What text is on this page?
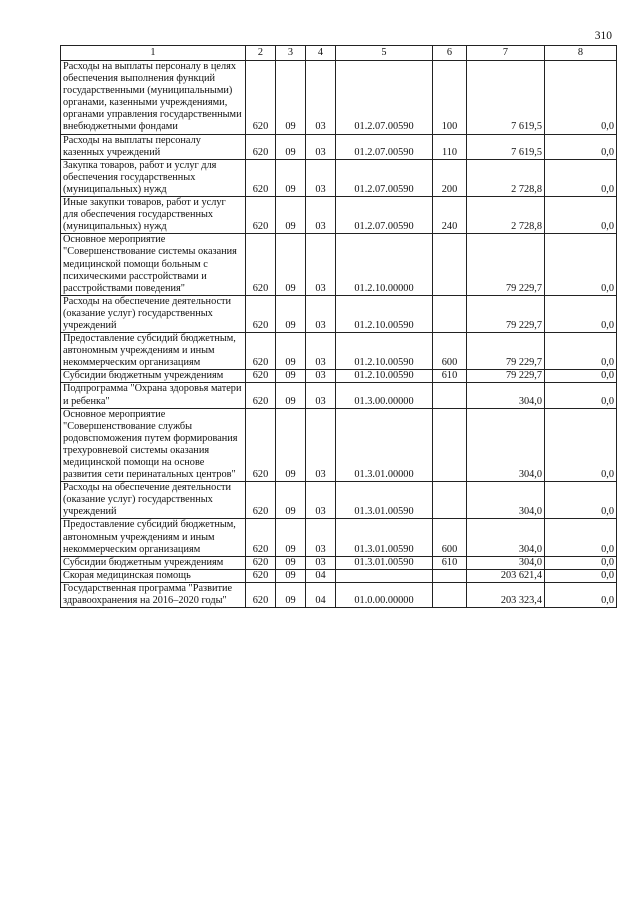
310
1	2	3	4	5	6	7	8
Расходы на выплаты персоналу в целях обеспечения выполнения функций государственными (муниципальными) органами, казенными учреждениями, органами управления государственными внебюджетными фондами	620	09	03	01.2.07.00590	100	7 619,5	0,0
Расходы на выплаты персоналу казенных учреждений	620	09	03	01.2.07.00590	110	7 619,5	0,0
Закупка товаров, работ и услуг для обеспечения государственных (муниципальных) нужд	620	09	03	01.2.07.00590	200	2 728,8	0,0
Иные закупки товаров, работ и услуг для обеспечения государственных (муниципальных) нужд	620	09	03	01.2.07.00590	240	2 728,8	0,0
Основное мероприятие "Совершенствование системы оказания медицинской помощи больным с психическими расстройствами и расстройствами поведения"	620	09	03	01.2.10.00000		79 229,7	0,0
Расходы на обеспечение деятельности (оказание услуг) государственных учреждений	620	09	03	01.2.10.00590		79 229,7	0,0
Предоставление субсидий бюджетным, автономным учреждениям и иным некоммерческим организациям	620	09	03	01.2.10.00590	600	79 229,7	0,0
Субсидии бюджетным учреждениям	620	09	03	01.2.10.00590	610	79 229,7	0,0
Подпрограмма "Охрана здоровья матери и ребенка"	620	09	03	01.3.00.00000		304,0	0,0
Основное мероприятие "Совершенствование службы родовспоможения путем формирования трехуровневой системы оказания медицинской помощи на основе развития сети перинатальных центров"	620	09	03	01.3.01.00000		304,0	0,0
Расходы на обеспечение деятельности (оказание услуг) государственных учреждений	620	09	03	01.3.01.00590		304,0	0,0
Предоставление субсидий бюджетным, автономным учреждениям и иным некоммерческим организациям	620	09	03	01.3.01.00590	600	304,0	0,0
Субсидии бюджетным учреждениям	620	09	03	01.3.01.00590	610	304,0	0,0
Скорая медицинская помощь	620	09	04			203 621,4	0,0
Государственная программа "Развитие здравоохранения на 2016–2020 годы"	620	09	04	01.0.00.00000		203 323,4	0,0
